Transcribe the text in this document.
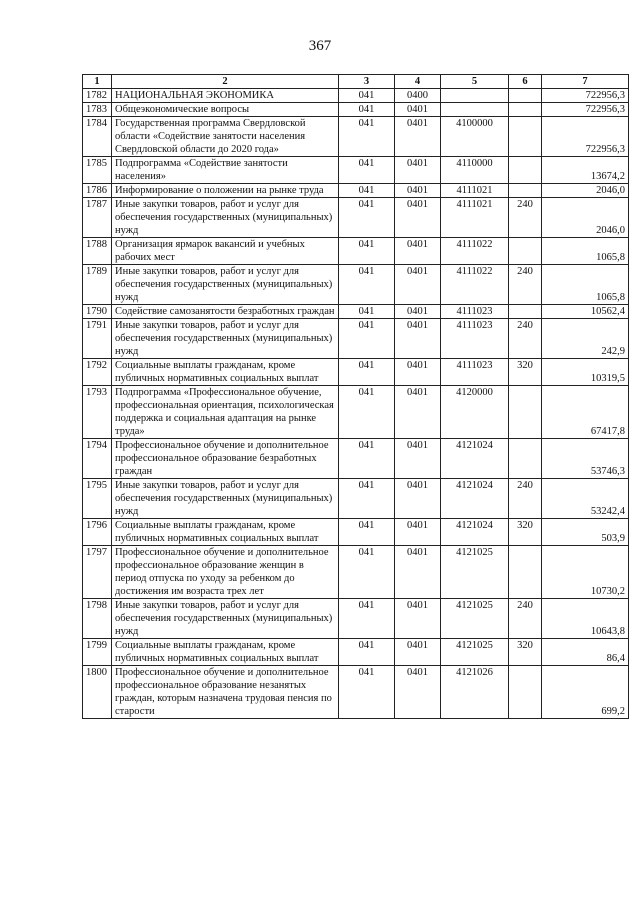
367
1	2	3	4	5	6	7
1782	НАЦИОНАЛЬНАЯ ЭКОНОМИКА	041	0400			722956,3
1783	Общеэкономические вопросы	041	0401			722956,3
1784	Государственная программа Свердловской области «Содействие занятости населения Свердловской области до 2020 года»	041	0401	4100000		722956,3
1785	Подпрограмма «Содействие занятости населения»	041	0401	4110000		13674,2
1786	Информирование о положении на рынке труда	041	0401	4111021		2046,0
1787	Иные закупки товаров, работ и услуг для обеспечения государственных (муниципальных) нужд	041	0401	4111021	240	2046,0
1788	Организация ярмарок вакансий и учебных рабочих мест	041	0401	4111022		1065,8
1789	Иные закупки товаров, работ и услуг для обеспечения государственных (муниципальных) нужд	041	0401	4111022	240	1065,8
1790	Содействие самозанятости безработных граждан	041	0401	4111023		10562,4
1791	Иные закупки товаров, работ и услуг для обеспечения государственных (муниципальных) нужд	041	0401	4111023	240	242,9
1792	Социальные выплаты гражданам, кроме публичных нормативных социальных выплат	041	0401	4111023	320	10319,5
1793	Подпрограмма «Профессиональное обучение, профессиональная ориентация, психологическая поддержка и социальная адаптация на рынке труда»	041	0401	4120000		67417,8
1794	Профессиональное обучение и дополнительное профессиональное образование безработных граждан	041	0401	4121024		53746,3
1795	Иные закупки товаров, работ и услуг для обеспечения государственных (муниципальных) нужд	041	0401	4121024	240	53242,4
1796	Социальные выплаты гражданам, кроме публичных нормативных социальных выплат	041	0401	4121024	320	503,9
1797	Профессиональное обучение и дополнительное профессиональное образование женщин в период отпуска по уходу за ребенком до достижения им возраста трех лет	041	0401	4121025		10730,2
1798	Иные закупки товаров, работ и услуг для обеспечения государственных (муниципальных) нужд	041	0401	4121025	240	10643,8
1799	Социальные выплаты гражданам, кроме публичных нормативных социальных выплат	041	0401	4121025	320	86,4
1800	Профессиональное обучение и дополнительное профессиональное образование незанятых граждан, которым назначена трудовая пенсия по старости	041	0401	4121026		699,2
